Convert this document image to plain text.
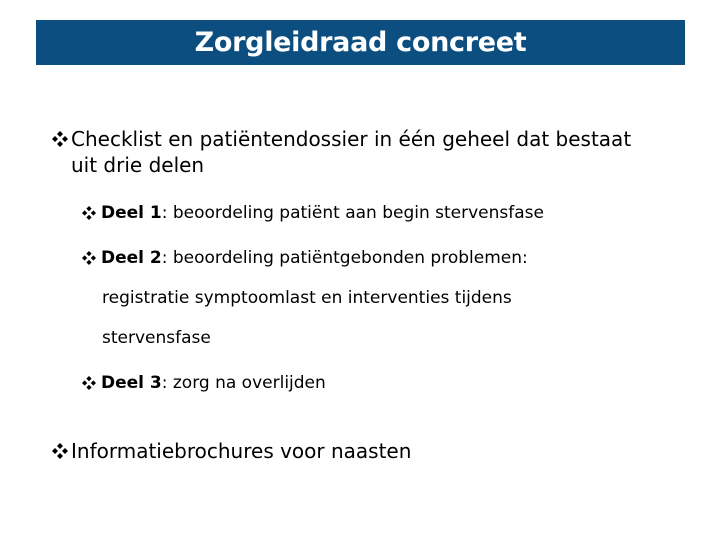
Zorgleidraad concreet
Checklist en patiëntendossier in één geheel dat bestaat
uit drie delen
Deel 1: beoordeling patiënt aan begin stervensfase
Deel 2: beoordeling patiëntgebonden problemen:
registratie symptoomlast en interventies tijdens
stervensfase
Deel 3: zorg na overlijden
Informatiebrochures voor naasten
